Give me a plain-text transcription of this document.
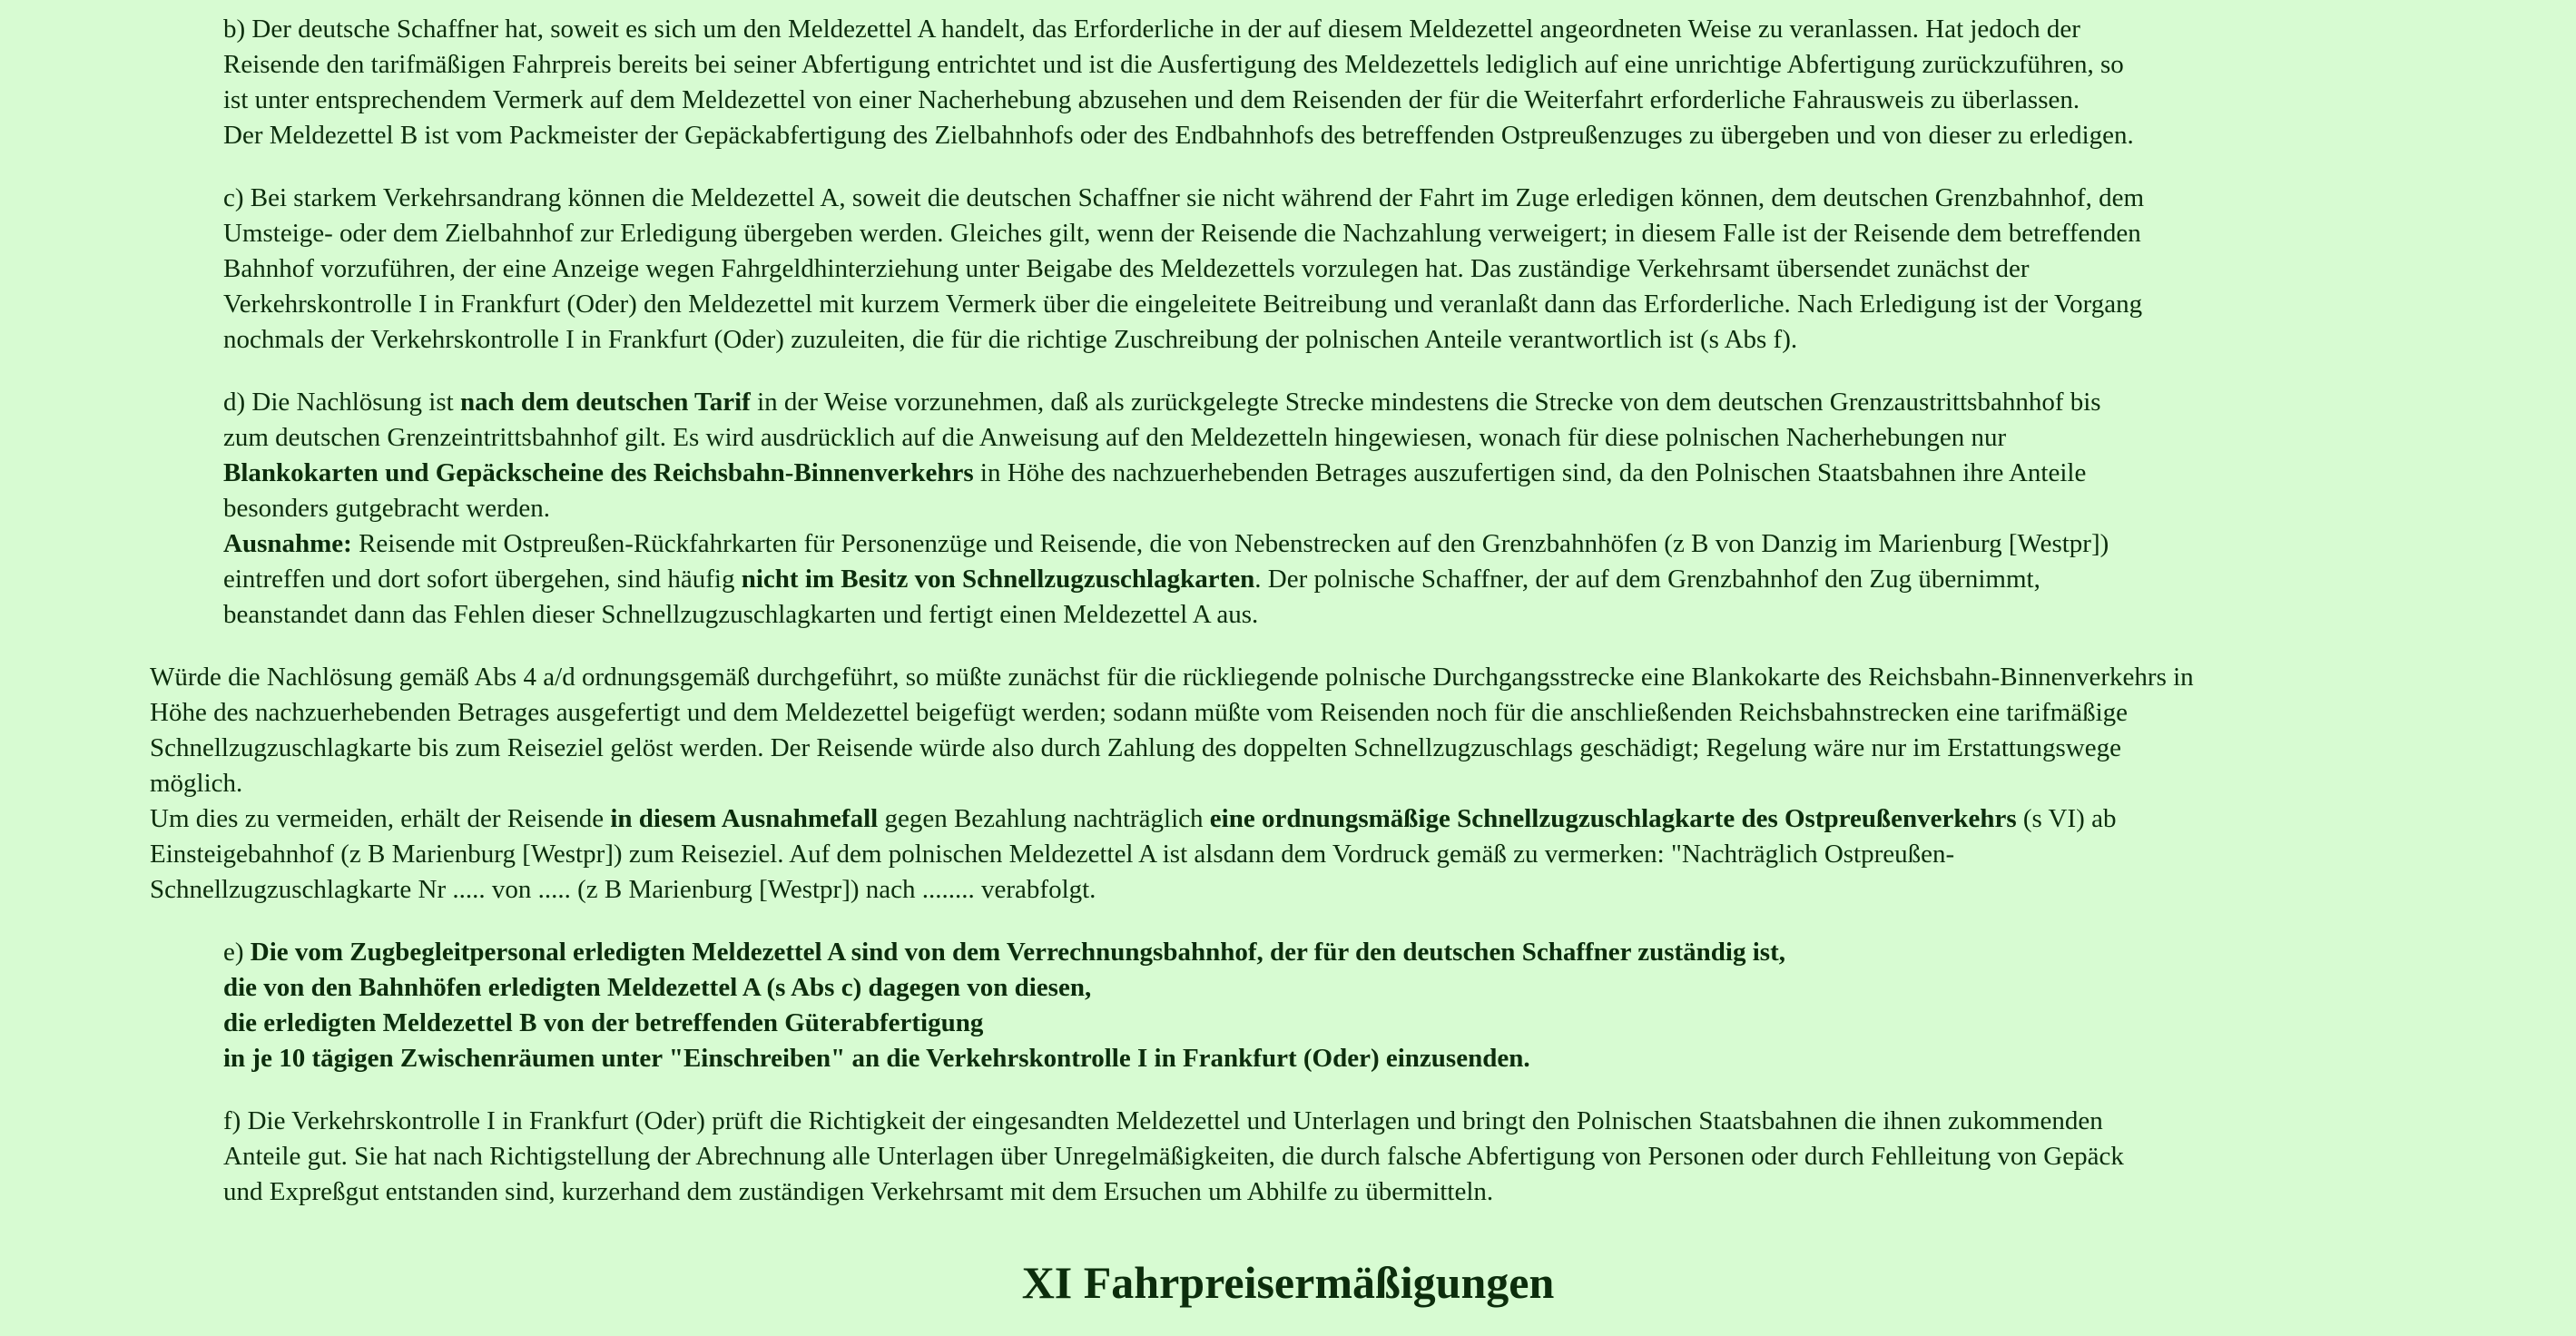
b) Der deutsche Schaffner hat, soweit es sich um den Meldezettel A handelt, das Erforderliche in der auf diesem Meldezettel angeordneten Weise zu veranlassen. Hat jedoch der
Reisende den tarifmäßigen Fahrpreis bereits bei seiner Abfertigung entrichtet und ist die Ausfertigung des Meldezettels lediglich auf eine unrichtige Abfertigung zurückzuführen, so
ist unter entsprechendem Vermerk auf dem Meldezettel von einer Nacherhebung abzusehen und dem Reisenden der für die Weiterfahrt erforderliche Fahrausweis zu überlassen.
Der Meldezettel B ist vom Packmeister der Gepäckabfertigung des Zielbahnhofs oder des Endbahnhofs des betreffenden Ostpreußenzuges zu übergeben und von dieser zu erledigen.
c) Bei starkem Verkehrsandrang können die Meldezettel A, soweit die deutschen Schaffner sie nicht während der Fahrt im Zuge erledigen können, dem deutschen Grenzbahnhof, dem
Umsteige- oder dem Zielbahnhof zur Erledigung übergeben werden. Gleiches gilt, wenn der Reisende die Nachzahlung verweigert; in diesem Falle ist der Reisende dem betreffenden
Bahnhof vorzuführen, der eine Anzeige wegen Fahrgeldhinterziehung unter Beigabe des Meldezettels vorzulegen hat. Das zuständige Verkehrsamt übersendet zunächst der
Verkehrskontrolle I in Frankfurt (Oder) den Meldezettel mit kurzem Vermerk über die eingeleitete Beitreibung und veranlaßt dann das Erforderliche. Nach Erledigung ist der Vorgang
nochmals der Verkehrskontrolle I in Frankfurt (Oder) zuzuleiten, die für die richtige Zuschreibung der polnischen Anteile verantwortlich ist (s Abs f).
d) Die Nachlösung ist nach dem deutschen Tarif in der Weise vorzunehmen, daß als zurückgelegte Strecke mindestens die Strecke von dem deutschen Grenzaustrittsbahnhof bis
zum deutschen Grenzeintrittsbahnhof gilt. Es wird ausdrücklich auf die Anweisung auf den Meldezetteln hingewiesen, wonach für diese polnischen Nacherhebungen nur
Blankokarten und Gepäckscheine des Reichsbahn-Binnenverkehrs in Höhe des nachzuerhebenden Betrages auszufertigen sind, da den Polnischen Staatsbahnen ihre Anteile
besonders gutgebracht werden.
Ausnahme: Reisende mit Ostpreußen-Rückfahrkarten für Personenzüge und Reisende, die von Nebenstrecken auf den Grenzbahnhöfen (z B von Danzig im Marienburg [Westpr])
eintreffen und dort sofort übergehen, sind häufig nicht im Besitz von Schnellzugzuschlagkarten. Der polnische Schaffner, der auf dem Grenzbahnhof den Zug übernimmt,
beanstandet dann das Fehlen dieser Schnellzugzuschlagkarten und fertigt einen Meldezettel A aus.
Würde die Nachlösung gemäß Abs 4 a/d ordnungsgemäß durchgeführt, so müßte zunächst für die rückliegende polnische Durchgangsstrecke eine Blankokarte des Reichsbahn-Binnenverkehrs in
Höhe des nachzuerhebenden Betrages ausgefertigt und dem Meldezettel beigefügt werden; sodann müßte vom Reisenden noch für die anschließenden Reichsbahnstrecken eine tarifmäßige
Schnellzugzuschlagkarte bis zum Reiseziel gelöst werden. Der Reisende würde also durch Zahlung des doppelten Schnellzugzuschlags geschädigt; Regelung wäre nur im Erstattungswege
möglich.
Um dies zu vermeiden, erhält der Reisende in diesem Ausnahmefall gegen Bezahlung nachträglich eine ordnungsmäßige Schnellzugzuschlagkarte des Ostpreußenverkehrs (s VI) ab
Einsteigebahnhof (z B Marienburg [Westpr]) zum Reiseziel. Auf dem polnischen Meldezettel A ist alsdann dem Vordruck gemäß zu vermerken: "Nachträglich Ostpreußen-
Schnellzugzuschlagkarte Nr ..... von ..... (z B Marienburg [Westpr]) nach ........ verabfolgt.
e) Die vom Zugbegleitpersonal erledigten Meldezettel A sind von dem Verrechnungsbahnhof, der für den deutschen Schaffner zuständig ist,
die von den Bahnhöfen erledigten Meldezettel A (s Abs c) dagegen von diesen,
die erledigten Meldezettel B von der betreffenden Güterabfertigung
in je 10 tägigen Zwischenräumen unter "Einschreiben" an die Verkehrskontrolle I in Frankfurt (Oder) einzusenden.
f) Die Verkehrskontrolle I in Frankfurt (Oder) prüft die Richtigkeit der eingesandten Meldezettel und Unterlagen und bringt den Polnischen Staatsbahnen die ihnen zukommenden
Anteile gut. Sie hat nach Richtigstellung der Abrechnung alle Unterlagen über Unregelmäßigkeiten, die durch falsche Abfertigung von Personen oder durch Fehlleitung von Gepäck
und Expreßgut entstanden sind, kurzerhand dem zuständigen Verkehrsamt mit dem Ersuchen um Abhilfe zu übermitteln.
XI Fahrpreisermäßigungen
